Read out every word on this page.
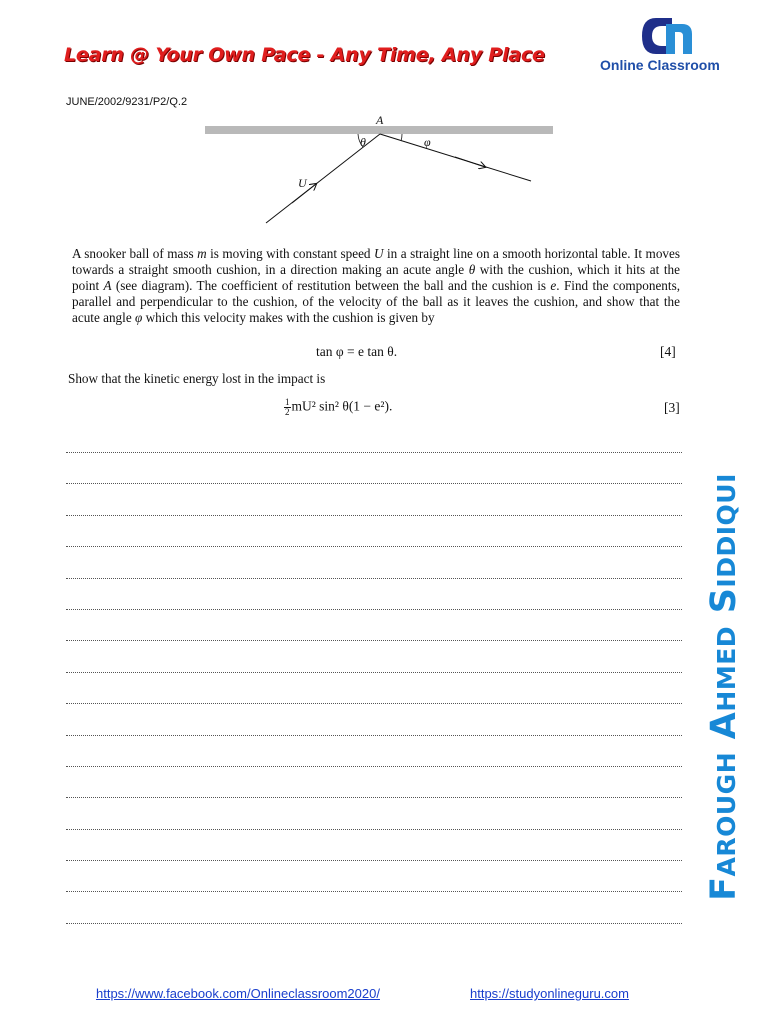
Learn @ Your Own Pace - Any Time, Any Place	Online Classroom
JUNE/2002/9231/P2/Q.2
A
θ	φ
U
A snooker ball of mass m is moving with constant speed U in a straight line on a smooth horizontal table. It moves towards a straight smooth cushion, in a direction making an acute angle θ with the cushion, which it hits at the point A (see diagram). The coefficient of restitution between the ball and the cushion is e. Find the components, parallel and perpendicular to the cushion, of the velocity of the ball as it leaves the cushion, and show that the acute angle φ which this velocity makes with the cushion is given by
tan φ = e tan θ.	[4]
Show that the kinetic energy lost in the impact is
$\frac{1}{2} mU^2$ sin² θ(1 − e²).	[3]
Farough Ahmed Siddiqui
https://www.facebook.com/Onlineclassroom2020/	https://studyonlineguru.com
